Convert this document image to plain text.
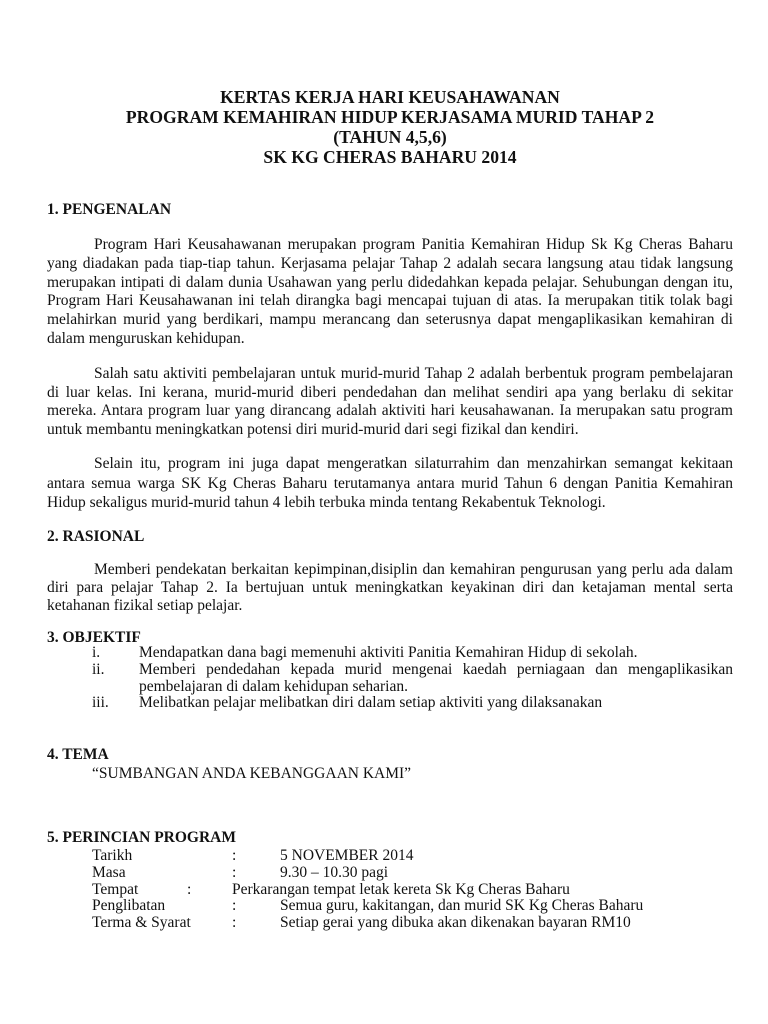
KERTAS KERJA HARI KEUSAHAWANAN
PROGRAM KEMAHIRAN HIDUP KERJASAMA MURID TAHAP 2
(TAHUN 4,5,6)
SK KG CHERAS BAHARU 2014
1. PENGENALAN
Program Hari Keusahawanan merupakan program Panitia Kemahiran Hidup Sk Kg Cheras Baharu
yang diadakan pada tiap-tiap tahun. Kerjasama pelajar Tahap 2 adalah secara langsung atau tidak langsung
merupakan intipati di dalam dunia Usahawan yang perlu didedahkan kepada pelajar. Sehubungan dengan itu,
Program Hari Keusahawanan ini telah dirangka bagi mencapai tujuan di atas. Ia merupakan titik tolak bagi
melahirkan murid yang berdikari, mampu merancang dan seterusnya dapat mengaplikasikan kemahiran di
dalam menguruskan kehidupan.
Salah satu aktiviti pembelajaran untuk murid-murid Tahap 2 adalah berbentuk program pembelajaran
di luar kelas. Ini kerana, murid-murid diberi pendedahan dan melihat sendiri apa yang berlaku di sekitar
mereka. Antara program luar yang dirancang adalah aktiviti hari keusahawanan. Ia merupakan satu program
untuk membantu meningkatkan potensi diri murid-murid dari segi fizikal dan kendiri.
Selain itu, program ini juga dapat mengeratkan silaturrahim dan menzahirkan semangat kekitaan
antara semua warga SK Kg Cheras Baharu terutamanya antara murid Tahun 6 dengan Panitia Kemahiran
Hidup sekaligus murid-murid tahun 4 lebih terbuka minda tentang Rekabentuk Teknologi.
2. RASIONAL
Memberi pendekatan berkaitan kepimpinan,disiplin dan kemahiran pengurusan yang perlu ada dalam
diri para pelajar Tahap 2. Ia bertujuan untuk meningkatkan keyakinan diri dan ketajaman mental serta
ketahanan fizikal setiap pelajar.
3. OBJEKTIF
i.	Mendapatkan dana bagi memenuhi aktiviti Panitia Kemahiran Hidup di sekolah.
ii. Memberi pendedahan kepada murid mengenai kaedah perniagaan dan mengaplikasikan
pembelajaran di dalam kehidupan seharian.
iii. Melibatkan pelajar melibatkan diri dalam setiap aktiviti yang dilaksanakan
4. TEMA
“SUMBANGAN ANDA KEBANGGAAN KAMI”
5. PERINCIAN PROGRAM
Tarikh	:	5 NOVEMBER 2014
Masa	:	9.30 – 10.30 pagi
Tempat	:	Perkarangan tempat letak kereta Sk Kg Cheras Baharu
Penglibatan	:	Semua guru, kakitangan, dan murid SK Kg Cheras Baharu
Terma & Syarat	:	Setiap gerai yang dibuka akan dikenakan bayaran RM10
